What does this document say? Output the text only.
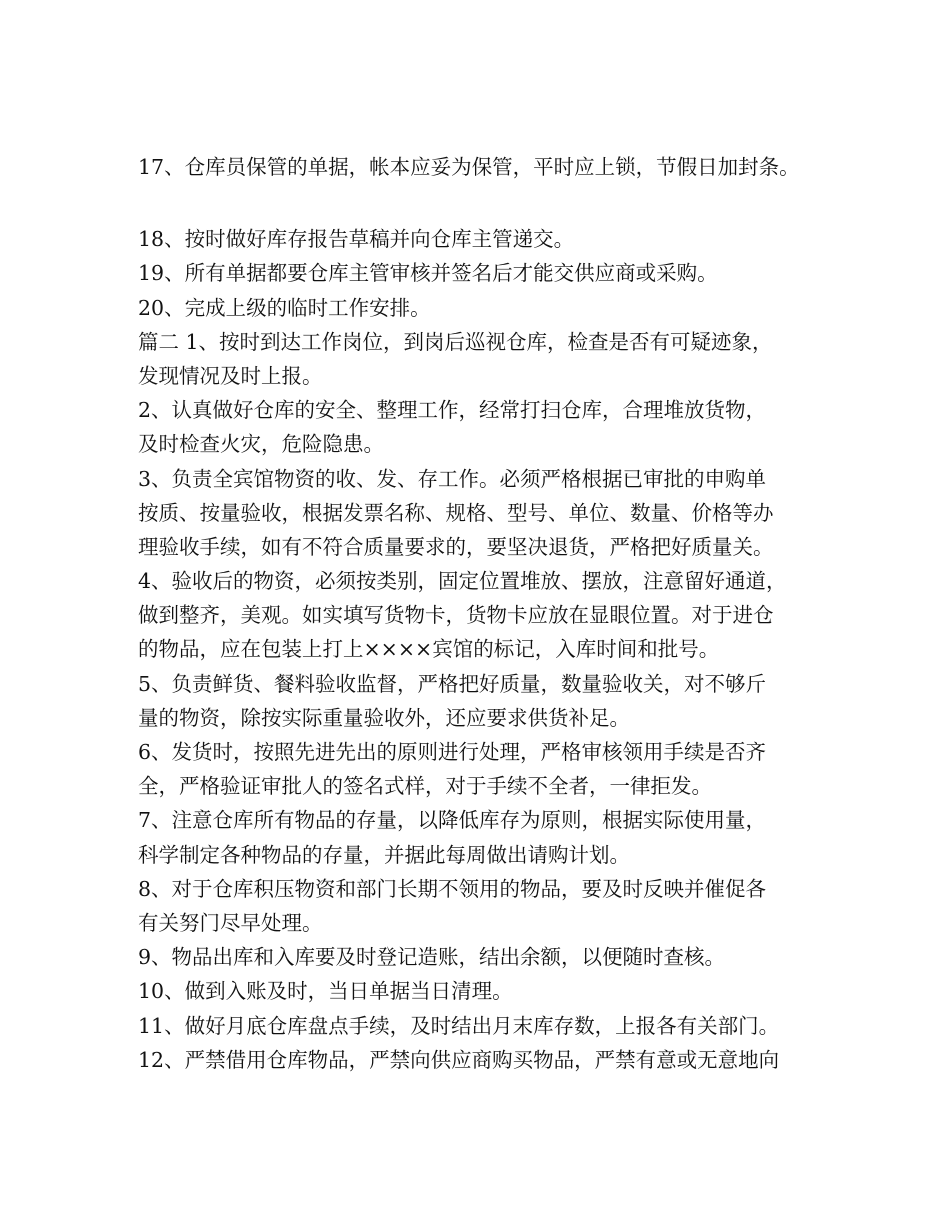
17、仓库员保管的单据，帐本应妥为保管，平时应上锁，节假日加封条。
18、按时做好库存报告草稿并向仓库主管递交。
19、所有单据都要仓库主管审核并签名后才能交供应商或采购。
20、完成上级的临时工作安排。
篇二 1、按时到达工作岗位，到岗后巡视仓库，检查是否有可疑迹象，
发现情况及时上报。
2、认真做好仓库的安全、整理工作，经常打扫仓库，合理堆放货物，
及时检查火灾，危险隐患。
3、负责全宾馆物资的收、发、存工作。必须严格根据已审批的申购单
按质、按量验收，根据发票名称、规格、型号、单位、数量、价格等办
理验收手续，如有不符合质量要求的，要坚决退货，严格把好质量关。
4、验收后的物资，必须按类别，固定位置堆放、摆放，注意留好通道，
做到整齐，美观。如实填写货物卡，货物卡应放在显眼位置。对于进仓
的物品，应在包装上打上××××宾馆的标记，入库时间和批号。
5、负责鲜货、餐料验收监督，严格把好质量，数量验收关，对不够斤
量的物资，除按实际重量验收外，还应要求供货补足。
6、发货时，按照先进先出的原则进行处理，严格审核领用手续是否齐
全，严格验证审批人的签名式样，对于手续不全者，一律拒发。
7、注意仓库所有物品的存量，以降低库存为原则，根据实际使用量，
科学制定各种物品的存量，并据此每周做出请购计划。
8、对于仓库积压物资和部门长期不领用的物品，要及时反映并催促各
有关努门尽早处理。
9、物品出库和入库要及时登记造账，结出余额，以便随时查核。
10、做到入账及时，当日单据当日清理。
11、做好月底仓库盘点手续，及时结出月末库存数，上报各有关部门。
12、严禁借用仓库物品，严禁向供应商购买物品，严禁有意或无意地向
